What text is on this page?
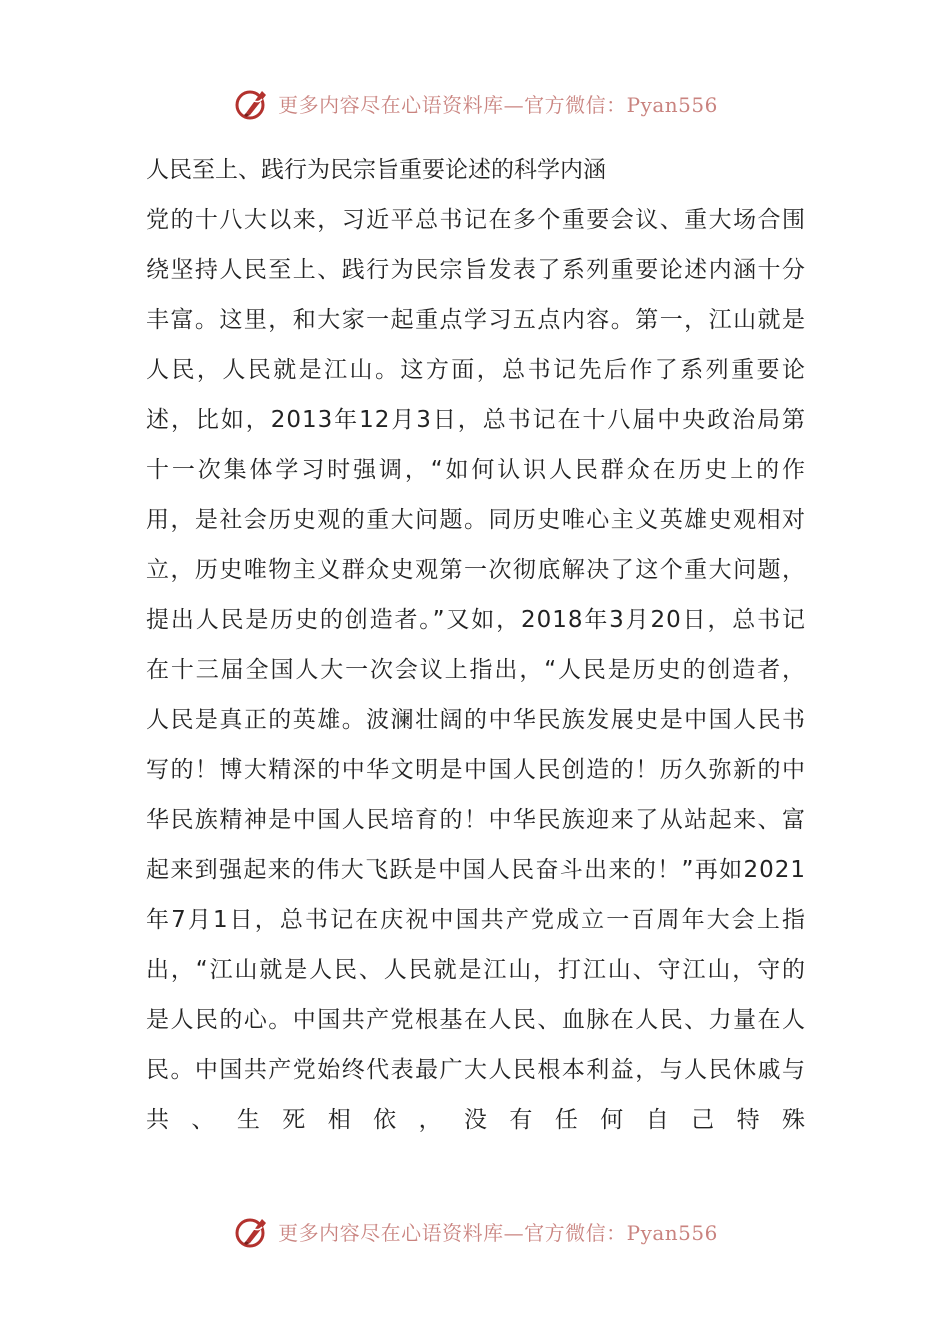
更多内容尽在心语资料库—官方微信：Pyan556
人民至上、践行为民宗旨重要论述的科学内涵

党的十八大以来，习近平总书记在多个重要会议、重大场合围绕坚持人民至上、践行为民宗旨发表了系列重要论述内涵十分丰富。这里，和大家一起重点学习五点内容。第一，江山就是人民，人民就是江山。这方面，总书记先后作了系列重要论述，比如，2013年12月3日，总书记在十八届中央政治局第十一次集体学习时强调，“如何认识人民群众在历史上的作用，是社会历史观的重大问题。同历史唯心主义英雄史观相对立，历史唯物主义群众史观第一次彻底解决了这个重大问题，提出人民是历史的创造者。”又如，2018年3月20日，总书记在十三届全国人大一次会议上指出，“人民是历史的创造者，人民是真正的英雄。波澜壮阔的中华民族发展史是中国人民书写的！博大精深的中华文明是中国人民创造的！历久弥新的中华民族精神是中国人民培育的！中华民族迎来了从站起来、富起来到强起来的伟大飞跃是中国人民奋斗出来的！”再如2021年7月1日，总书记在庆祝中国共产党成立一百周年大会上指出，“江山就是人民、人民就是江山，打江山、守江山，守的是人民的心。中国共产党根基在人民、血脉在人民、力量在人民。中国共产党始终代表最广大人民根本利益，与人民休戚与共、生死相依，没有任何自己特殊

更多内容尽在心语资料库—官方微信：Pyan556
